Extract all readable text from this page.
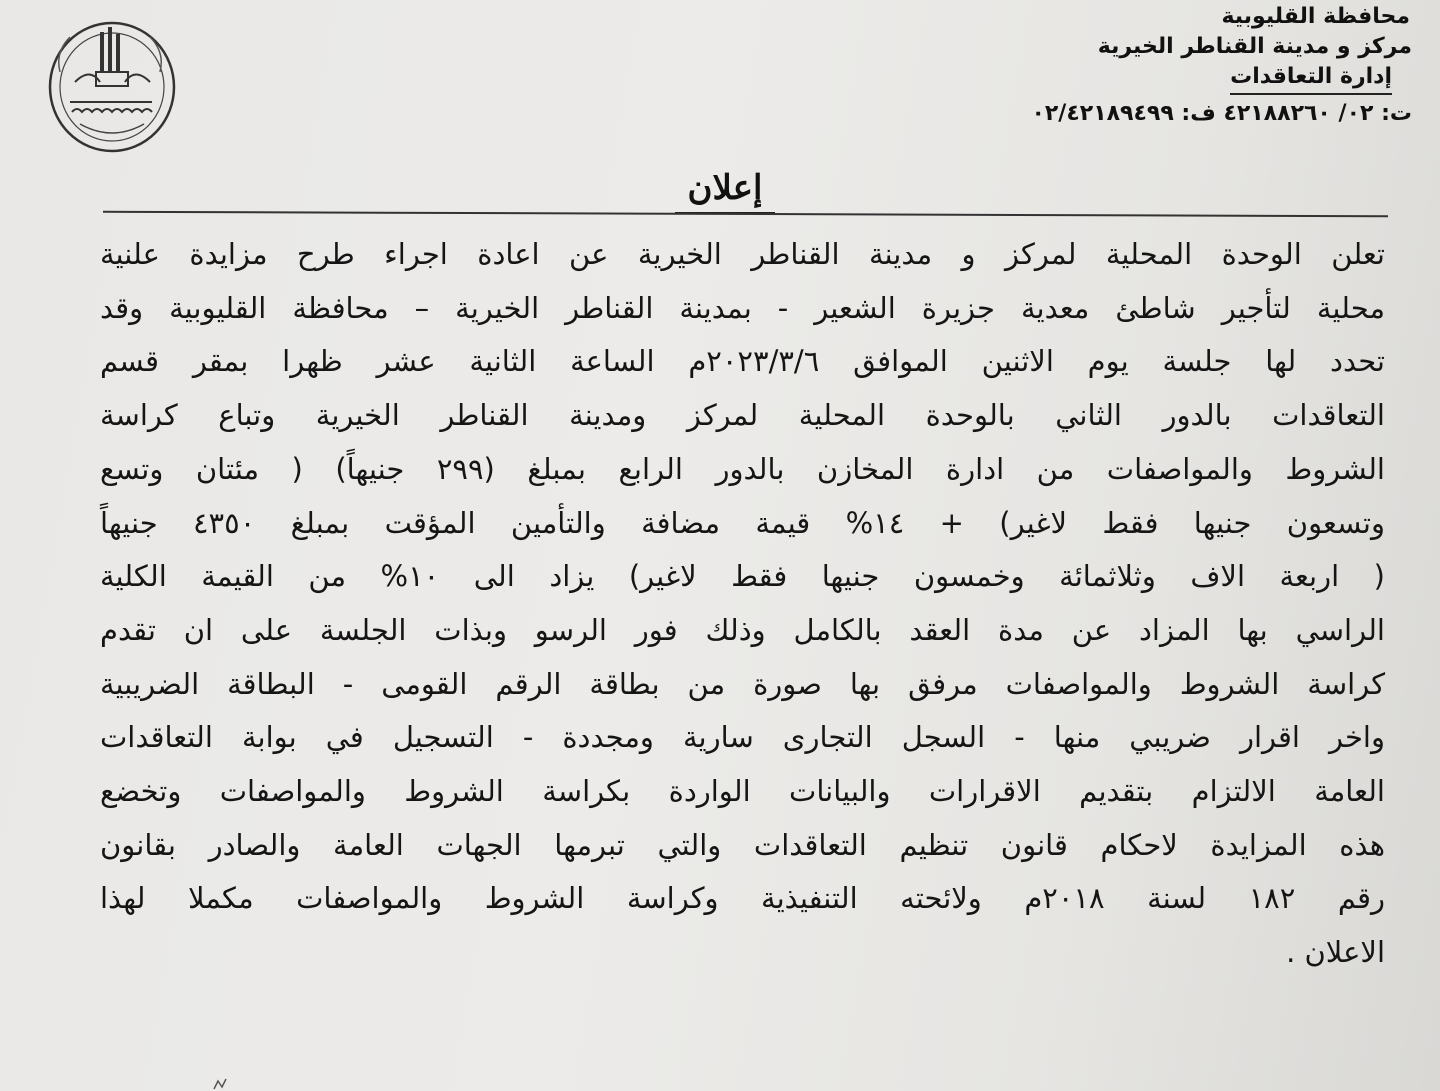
محافظة القليوبية
مركز و مدينة القناطر الخيرية
إدارة التعاقدات
ت: ٠٢/ ٤٢١٨٨٢٦٠ ف: ٠٢/٤٢١٨٩٤٩٩
إعلان
تعلن الوحدة المحلية لمركز و مدينة القناطر الخيرية عن اعادة اجراء طرح مزايدة علنية
محلية لتأجير شاطئ معدية جزيرة الشعير - بمدينة القناطر الخيرية – محافظة القليوبية وقد
تحدد لها جلسة يوم الاثنين الموافق ٢٠٢٣/٣/٦م الساعة الثانية عشر ظهرا بمقر قسم
التعاقدات بالدور الثاني بالوحدة المحلية لمركز ومدينة القناطر الخيرية وتباع كراسة
الشروط والمواصفات من ادارة المخازن بالدور الرابع بمبلغ (٢٩٩ جنيهاً) ( مئتان وتسع
وتسعون جنيها فقط لاغير) + ١٤% قيمة مضافة والتأمين المؤقت بمبلغ ٤٣٥٠ جنيهاً
( اربعة الاف وثلاثمائة وخمسون جنيها فقط لاغير) يزاد الى ١٠% من القيمة الكلية
الراسي بها المزاد عن مدة العقد بالكامل وذلك فور الرسو وبذات الجلسة على ان تقدم
كراسة الشروط والمواصفات مرفق بها صورة من بطاقة الرقم القومى - البطاقة الضريبية
واخر اقرار ضريبي منها - السجل التجارى سارية ومجددة - التسجيل في بوابة التعاقدات
العامة الالتزام بتقديم الاقرارات والبيانات الواردة بكراسة الشروط والمواصفات وتخضع
هذه المزايدة لاحكام قانون تنظيم التعاقدات والتي تبرمها الجهات العامة والصادر بقانون
رقم ١٨٢ لسنة ٢٠١٨م ولائحته التنفيذية وكراسة الشروط والمواصفات مكملا لهذا
الاعلان .
